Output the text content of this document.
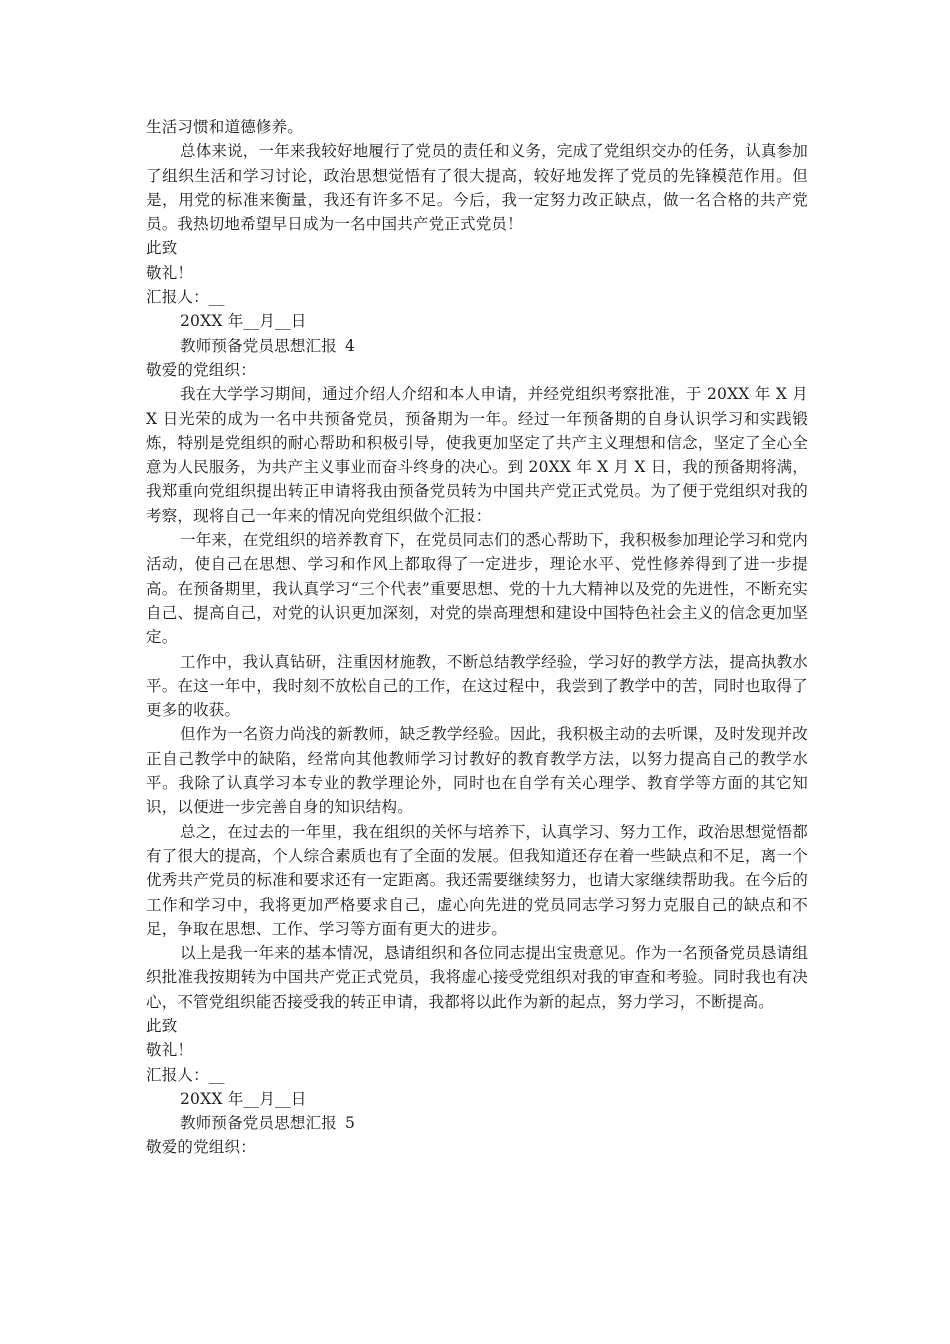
生活习惯和道德修养。

总体来说，一年来我较好地履行了党员的责任和义务，完成了党组织交办的任务，认真参加了组织生活和学习讨论，政治思想觉悟有了很大提高，较好地发挥了党员的先锋模范作用。但是，用党的标准来衡量，我还有许多不足。今后，我一定努力改正缺点，做一名合格的共产党员。我热切地希望早日成为一名中国共产党正式党员！

此致

敬礼！

汇报人：__

20XX 年__月__日

教师预备党员思想汇报 4

敬爱的党组织：

我在大学学习期间，通过介绍人介绍和本人申请，并经党组织考察批准，于 20XX 年 X 月 X 日光荣的成为一名中共预备党员，预备期为一年。经过一年预备期的自身认识学习和实践锻炼，特别是党组织的耐心帮助和积极引导，使我更加坚定了共产主义理想和信念，坚定了全心全意为人民服务，为共产主义事业而奋斗终身的决心。到 20XX 年 X 月 X 日，我的预备期将满，我郑重向党组织提出转正申请将我由预备党员转为中国共产党正式党员。为了便于党组织对我的考察，现将自己一年来的情况向党组织做个汇报：

一年来，在党组织的培养教育下，在党员同志们的悉心帮助下，我积极参加理论学习和党内活动，使自己在思想、学习和作风上都取得了一定进步，理论水平、党性修养得到了进一步提高。在预备期里，我认真学习“三个代表”重要思想、党的十九大精神以及党的先进性，不断充实自己、提高自己，对党的认识更加深刻，对党的崇高理想和建设中国特色社会主义的信念更加坚定。

工作中，我认真钻研，注重因材施教，不断总结教学经验，学习好的教学方法，提高执教水平。在这一年中，我时刻不放松自己的工作，在这过程中，我尝到了教学中的苦，同时也取得了更多的收获。

但作为一名资力尚浅的新教师，缺乏教学经验。因此，我积极主动的去听课，及时发现并改正自己教学中的缺陷，经常向其他教师学习讨教好的教育教学方法，以努力提高自己的教学水平。我除了认真学习本专业的教学理论外，同时也在自学有关心理学、教育学等方面的其它知识，以便进一步完善自身的知识结构。

总之，在过去的一年里，我在组织的关怀与培养下，认真学习、努力工作，政治思想觉悟都有了很大的提高，个人综合素质也有了全面的发展。但我知道还存在着一些缺点和不足，离一个优秀共产党员的标准和要求还有一定距离。我还需要继续努力，也请大家继续帮助我。在今后的工作和学习中，我将更加严格要求自己，虚心向先进的党员同志学习努力克服自己的缺点和不足，争取在思想、工作、学习等方面有更大的进步。

以上是我一年来的基本情况，恳请组织和各位同志提出宝贵意见。作为一名预备党员恳请组织批准我按期转为中国共产党正式党员，我将虚心接受党组织对我的审查和考验。同时我也有决心，不管党组织能否接受我的转正申请，我都将以此作为新的起点，努力学习，不断提高。

此致

敬礼！

汇报人：__

20XX 年__月__日

教师预备党员思想汇报 5

敬爱的党组织：
